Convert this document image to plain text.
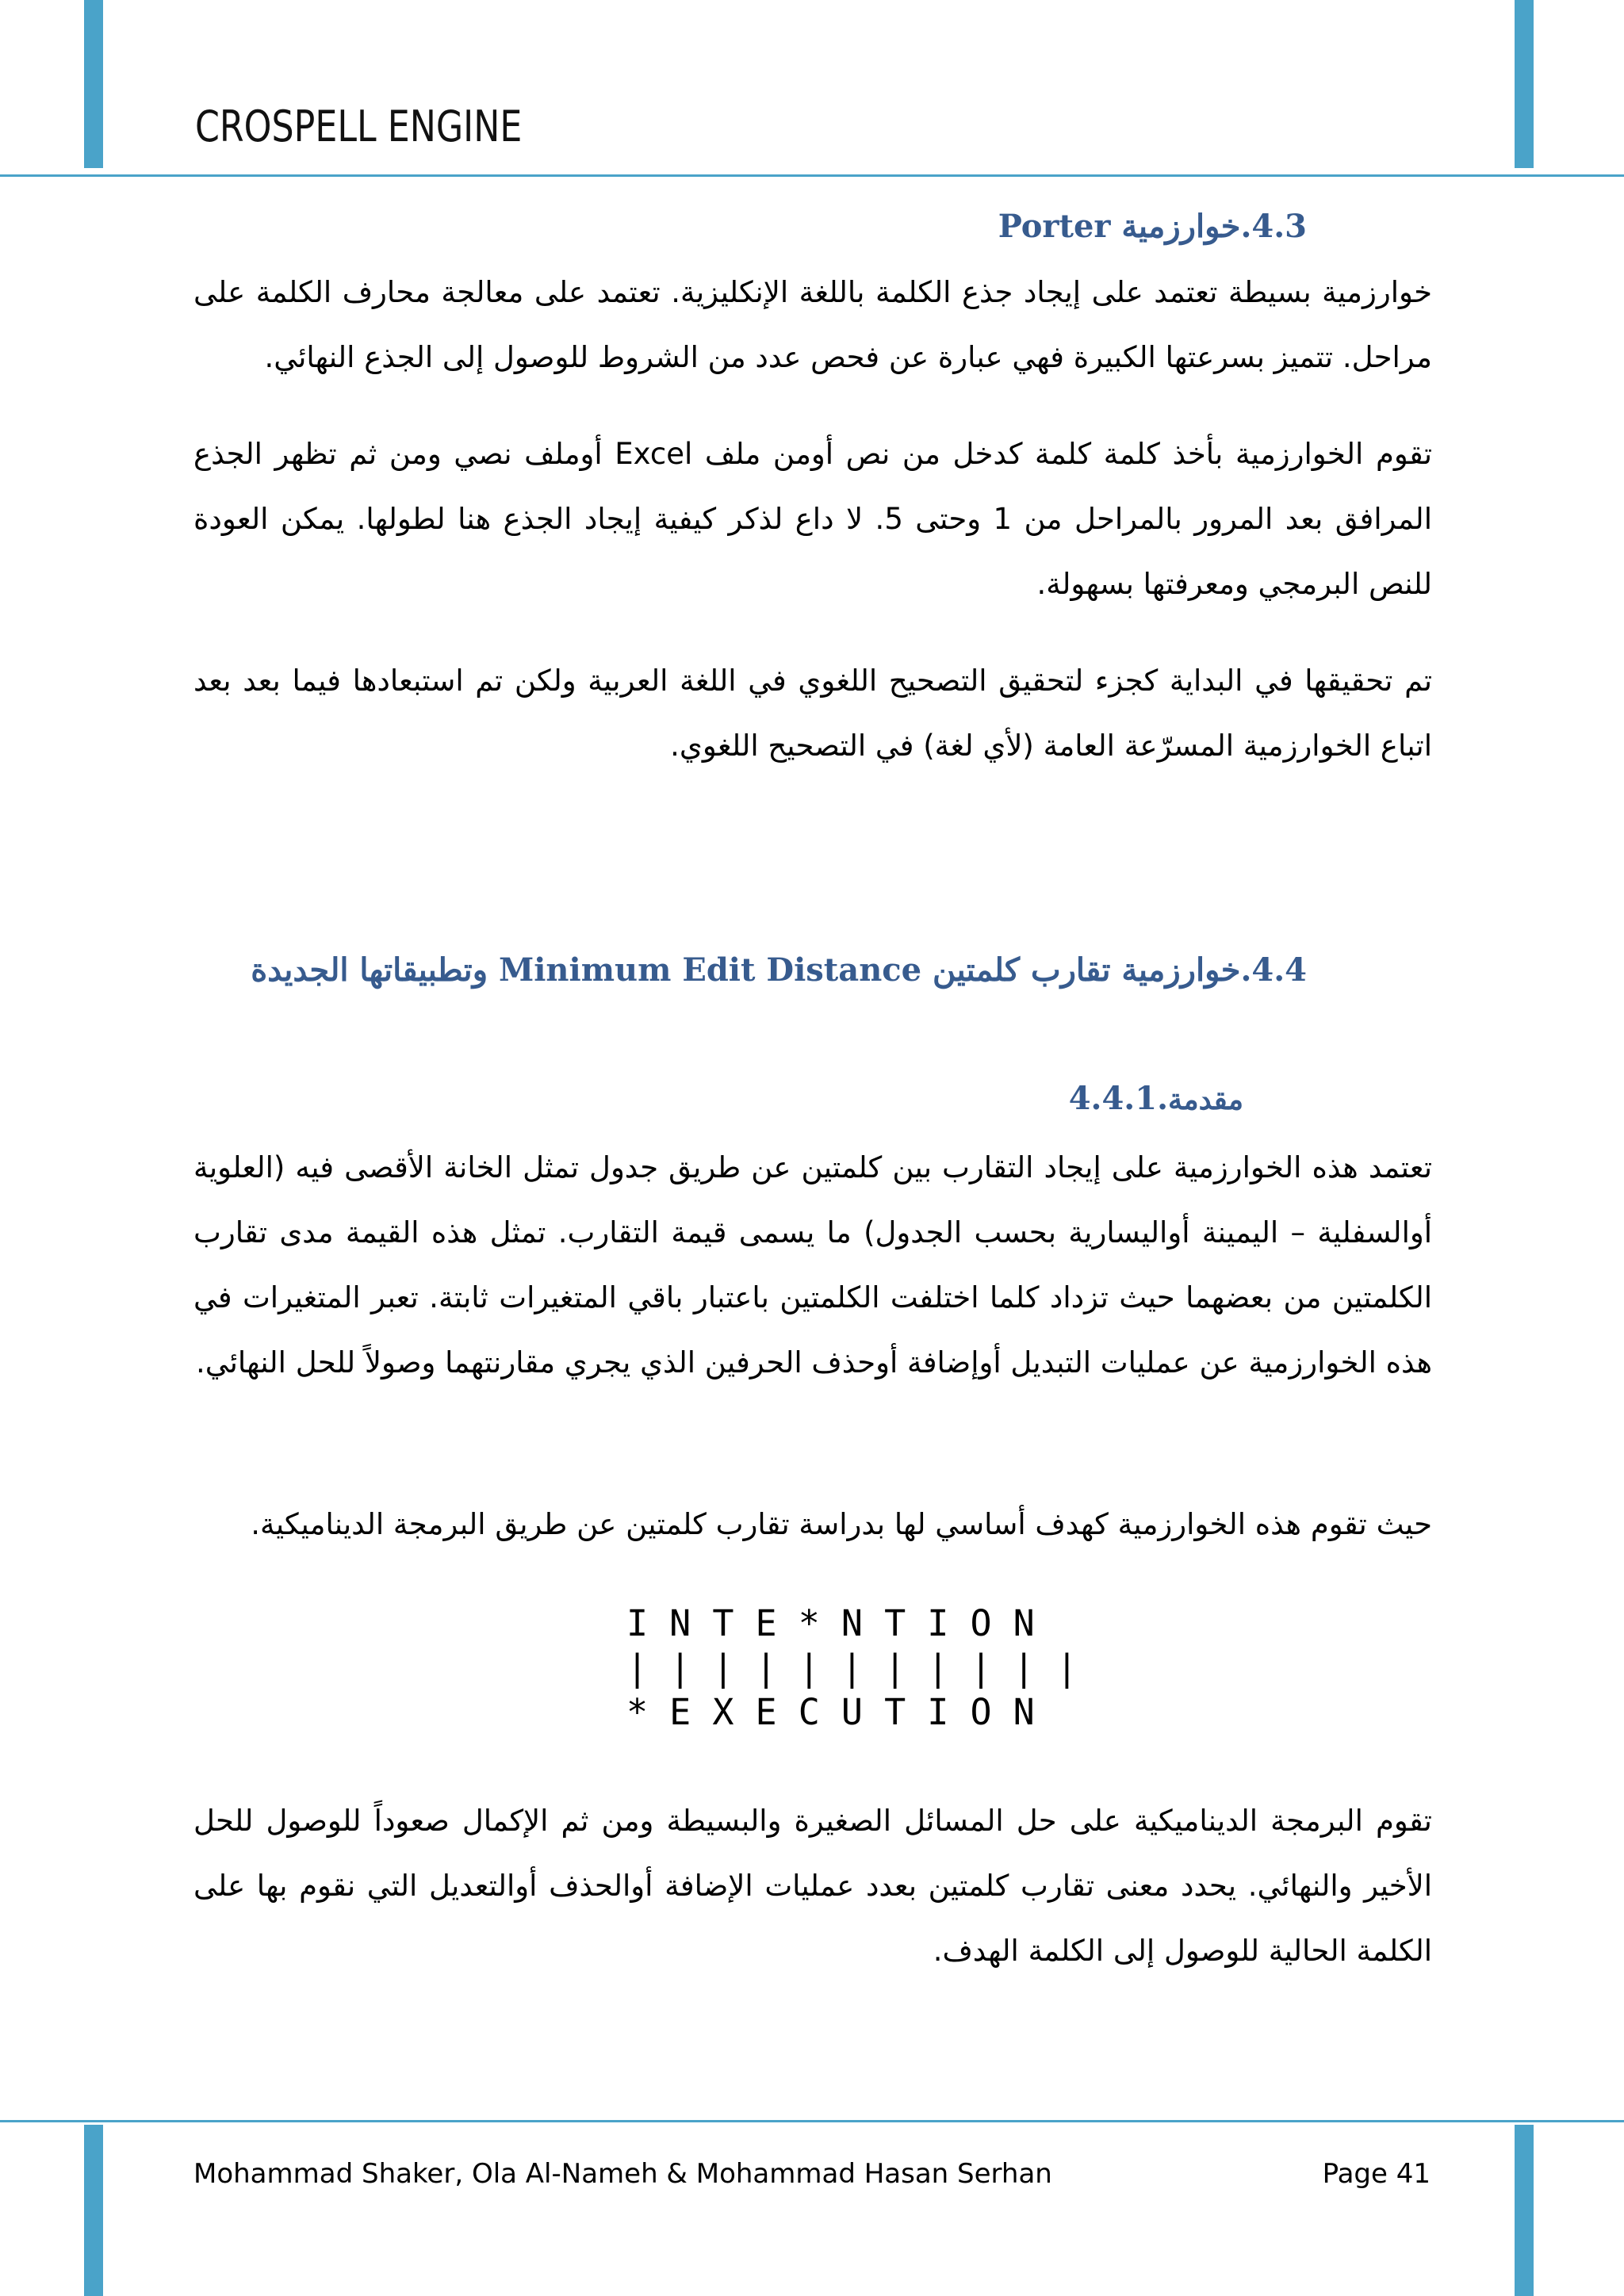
CROSPELL ENGINE
4.3.خوارزمية Porter

خوارزمية بسيطة تعتمد على إيجاد جذع الكلمة باللغة الإنكليزية. تعتمد على معالجة محارف الكلمة على مراحل. تتميز بسرعتها الكبيرة فهي عبارة عن فحص عدد من الشروط للوصول إلى الجذع النهائي.

تقوم الخوارزمية بأخذ كلمة كلمة كدخل من نص أومن ملف Excel أوملف نصي ومن ثم تظهر الجذع المرافق بعد المرور بالمراحل من 1 وحتى 5. لا داع لذكر كيفية إيجاد الجذع هنا لطولها. يمكن العودة للنص البرمجي ومعرفتها بسهولة.

تم تحقيقها في البداية كجزء لتحقيق التصحيح اللغوي في اللغة العربية ولكن تم استبعادها فيما بعد بعد اتباع الخوارزمية المسرّعة العامة (لأي لغة) في التصحيح اللغوي.

4.4.خوارزمية تقارب كلمتين Minimum Edit Distance وتطبيقاتها الجديدة
مقدمة.4.4.1

تعتمد هذه الخوارزمية على إيجاد التقارب بين كلمتين عن طريق جدول تمثل الخانة الأقصى فيه (العلوية أوالسفلية – اليمينة أواليسارية بحسب الجدول) ما يسمى قيمة التقارب. تمثل هذه القيمة مدى تقارب الكلمتين من بعضهما حيث تزداد كلما اختلفت الكلمتين باعتبار باقي المتغيرات ثابتة. تعبر المتغيرات في هذه الخوارزمية عن عمليات التبديل أوإضافة أوحذف الحرفين الذي يجري مقارنتهما وصولاً للحل النهائي.

حيث تقوم هذه الخوارزمية كهدف أساسي لها بدراسة تقارب كلمتين عن طريق البرمجة الديناميكية.

I N T E * N T I O N
| | | | | | | | | | |
* E X E C U T I O N

تقوم البرمجة الديناميكية على حل المسائل الصغيرة والبسيطة ومن ثم الإكمال صعوداً للوصول للحل الأخير والنهائي. يحدد معنى تقارب كلمتين بعدد عمليات الإضافة أوالحذف أوالتعديل التي نقوم بها على الكلمة الحالية للوصول إلى الكلمة الهدف.

Mohammad Shaker, Ola Al-Nameh & Mohammad Hasan Serhan	Page 41
